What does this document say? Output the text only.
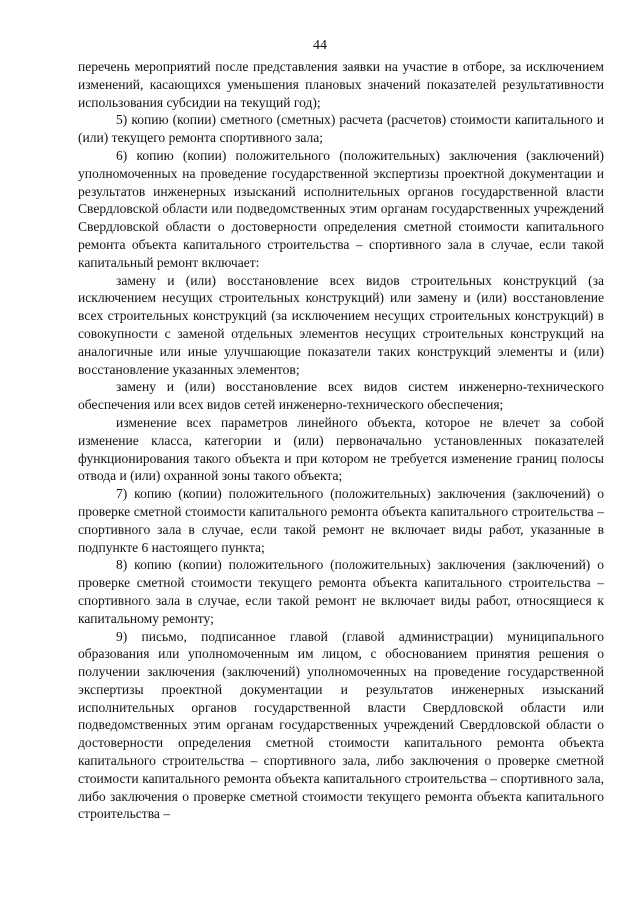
44

перечень мероприятий после представления заявки на участие в отборе, за исключением изменений, касающихся уменьшения плановых значений показателей результативности использования субсидии на текущий год);

5) копию (копии) сметного (сметных) расчета (расчетов) стоимости капитального и (или) текущего ремонта спортивного зала;

6) копию (копии) положительного (положительных) заключения (заключений) уполномоченных на проведение государственной экспертизы проектной документации и результатов инженерных изысканий исполнительных органов государственной власти Свердловской области или подведомственных этим органам государственных учреждений Свердловской области о достоверности определения сметной стоимости капитального ремонта объекта капитального строительства – спортивного зала в случае, если такой капитальный ремонт включает:

замену и (или) восстановление всех видов строительных конструкций (за исключением несущих строительных конструкций) или замену и (или) восстановление всех строительных конструкций (за исключением несущих строительных конструкций) в совокупности с заменой отдельных элементов несущих строительных конструкций на аналогичные или иные улучшающие показатели таких конструкций элементы и (или) восстановление указанных элементов;

замену и (или) восстановление всех видов систем инженерно-технического обеспечения или всех видов сетей инженерно-технического обеспечения;

изменение всех параметров линейного объекта, которое не влечет за собой изменение класса, категории и (или) первоначально установленных показателей функционирования такого объекта и при котором не требуется изменение границ полосы отвода и (или) охранной зоны такого объекта;

7) копию (копии) положительного (положительных) заключения (заключений) о проверке сметной стоимости капитального ремонта объекта капитального строительства – спортивного зала в случае, если такой ремонт не включает виды работ, указанные в подпункте 6 настоящего пункта;

8) копию (копии) положительного (положительных) заключения (заключений) о проверке сметной стоимости текущего ремонта объекта капитального строительства – спортивного зала в случае, если такой ремонт не включает виды работ, относящиеся к капитальному ремонту;

9) письмо, подписанное главой (главой администрации) муниципального образования или уполномоченным им лицом, с обоснованием принятия решения о получении заключения (заключений) уполномоченных на проведение государственной экспертизы проектной документации и результатов инженерных изысканий исполнительных органов государственной власти Свердловской области или подведомственных этим органам государственных учреждений Свердловской области о достоверности определения сметной стоимости капитального ремонта объекта капитального строительства – спортивного зала, либо заключения о проверке сметной стоимости капитального ремонта объекта капитального строительства – спортивного зала, либо заключения о проверке сметной стоимости текущего ремонта объекта капитального строительства –
